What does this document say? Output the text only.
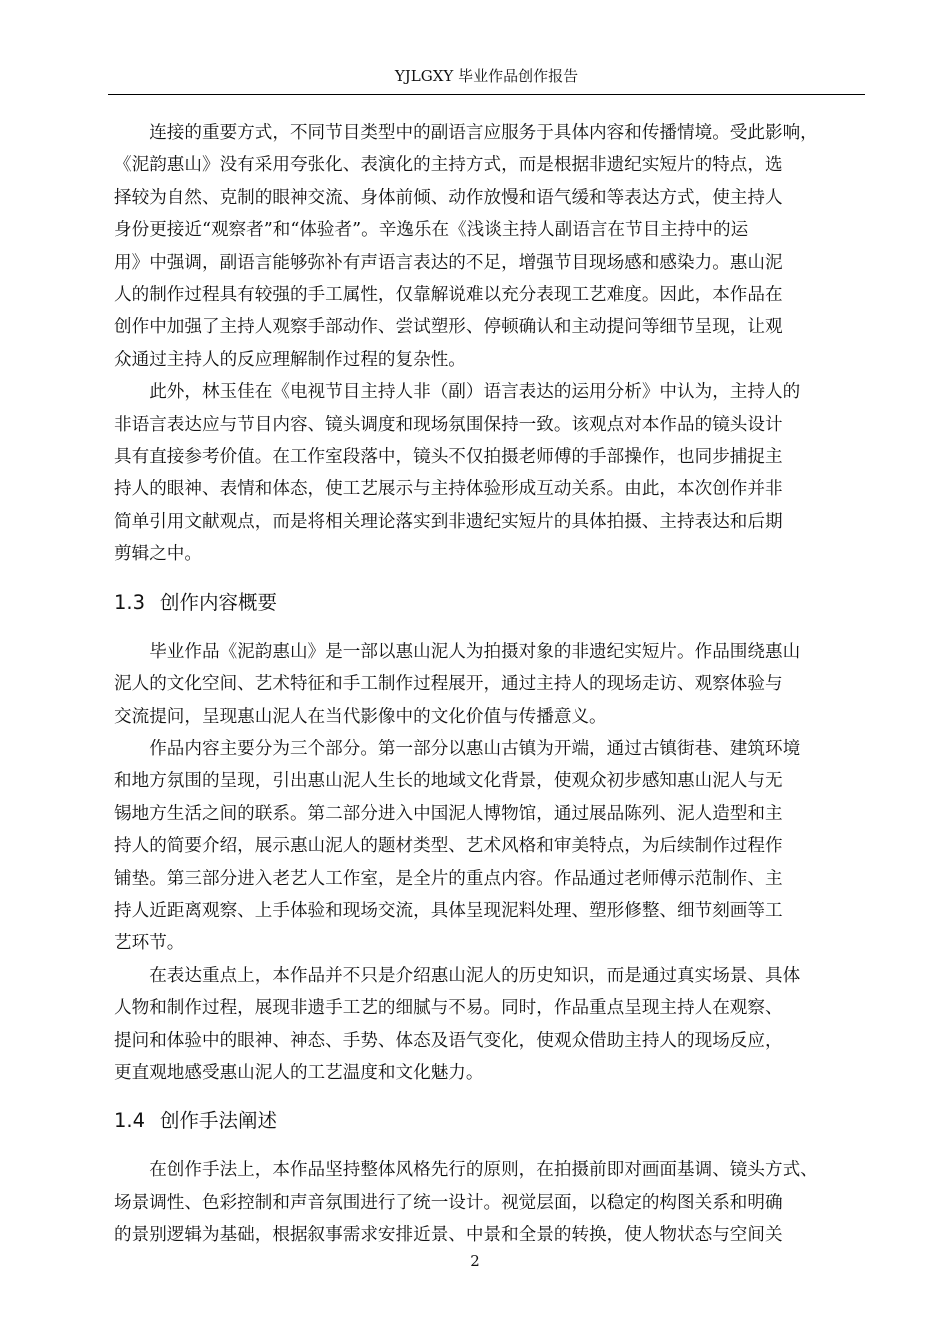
YJLGXY 毕业作品创作报告

连接的重要方式，不同节目类型中的副语言应服务于具体内容和传播情境。受此影响，
《泥韵惠山》没有采用夸张化、表演化的主持方式，而是根据非遗纪实短片的特点，选
择较为自然、克制的眼神交流、身体前倾、动作放慢和语气缓和等表达方式，使主持人
身份更接近“观察者”和“体验者”。辛逸乐在《浅谈主持人副语言在节目主持中的运
用》中强调，副语言能够弥补有声语言表达的不足，增强节目现场感和感染力。惠山泥
人的制作过程具有较强的手工属性，仅靠解说难以充分表现工艺难度。因此，本作品在
创作中加强了主持人观察手部动作、尝试塑形、停顿确认和主动提问等细节呈现，让观
众通过主持人的反应理解制作过程的复杂性。

此外，林玉佳在《电视节目主持人非（副）语言表达的运用分析》中认为，主持人的
非语言表达应与节目内容、镜头调度和现场氛围保持一致。该观点对本作品的镜头设计
具有直接参考价值。在工作室段落中，镜头不仅拍摄老师傅的手部操作，也同步捕捉主
持人的眼神、表情和体态，使工艺展示与主持体验形成互动关系。由此，本次创作并非
简单引用文献观点，而是将相关理论落实到非遗纪实短片的具体拍摄、主持表达和后期
剪辑之中。

1.3 创作内容概要

毕业作品《泥韵惠山》是一部以惠山泥人为拍摄对象的非遗纪实短片。作品围绕惠山
泥人的文化空间、艺术特征和手工制作过程展开，通过主持人的现场走访、观察体验与
交流提问，呈现惠山泥人在当代影像中的文化价值与传播意义。

作品内容主要分为三个部分。第一部分以惠山古镇为开端，通过古镇街巷、建筑环境
和地方氛围的呈现，引出惠山泥人生长的地域文化背景，使观众初步感知惠山泥人与无
锡地方生活之间的联系。第二部分进入中国泥人博物馆，通过展品陈列、泥人造型和主
持人的简要介绍，展示惠山泥人的题材类型、艺术风格和审美特点，为后续制作过程作
铺垫。第三部分进入老艺人工作室，是全片的重点内容。作品通过老师傅示范制作、主
持人近距离观察、上手体验和现场交流，具体呈现泥料处理、塑形修整、细节刻画等工
艺环节。

在表达重点上，本作品并不只是介绍惠山泥人的历史知识，而是通过真实场景、具体
人物和制作过程，展现非遗手工艺的细腻与不易。同时，作品重点呈现主持人在观察、
提问和体验中的眼神、神态、手势、体态及语气变化，使观众借助主持人的现场反应，
更直观地感受惠山泥人的工艺温度和文化魅力。

1.4 创作手法阐述

在创作手法上，本作品坚持整体风格先行的原则，在拍摄前即对画面基调、镜头方式、
场景调性、色彩控制和声音氛围进行了统一设计。视觉层面，以稳定的构图关系和明确
的景别逻辑为基础，根据叙事需求安排近景、中景和全景的转换，使人物状态与空间关

2
